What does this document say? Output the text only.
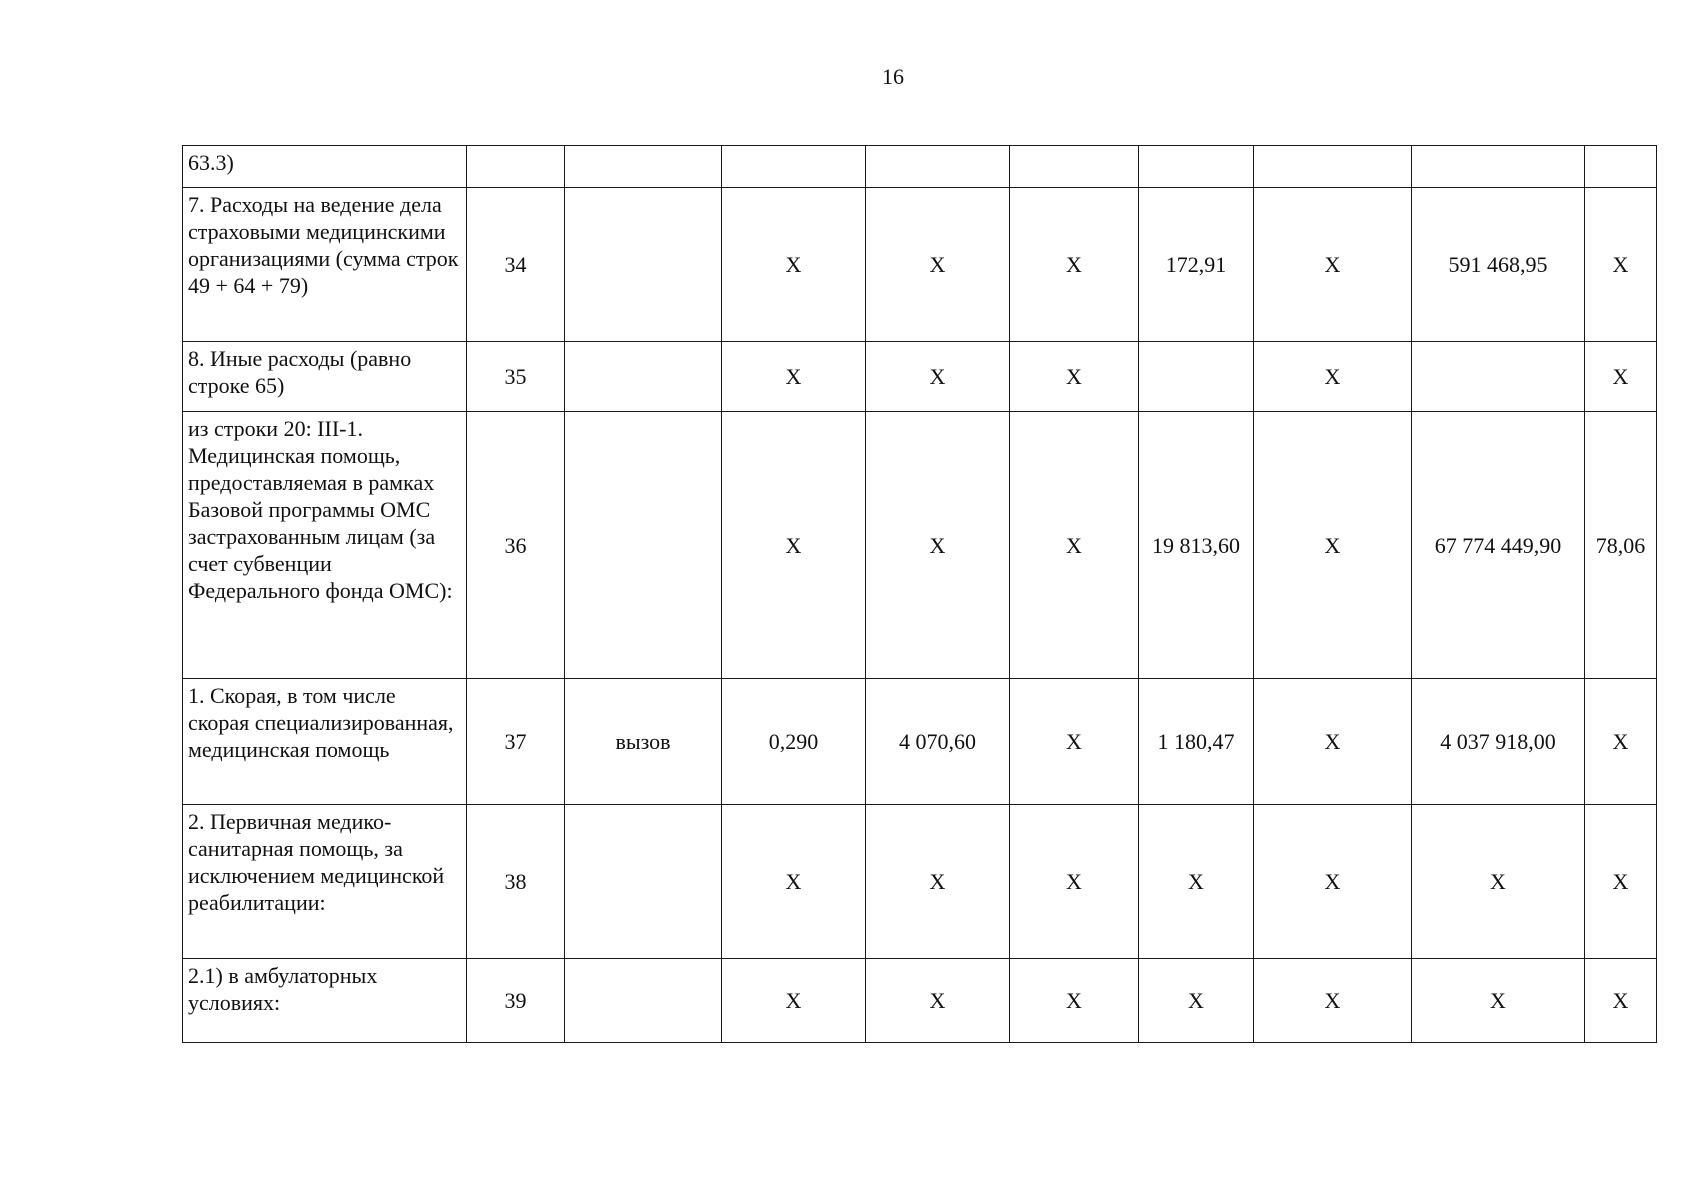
16
63.3)									
7. Расходы на ведение дела страховыми медицинскими организациями (сумма строк 49 + 64 + 79)	34		X	X	X	172,91	X	591 468,95	X
8. Иные расходы (равно строке 65)	35		X	X	X		X		X
из строки 20: III-1. Медицинская помощь, предоставляемая в рамках Базовой программы ОМС застрахованным лицам (за счет субвенции Федерального фонда ОМС):	36		X	X	X	19 813,60	X	67 774 449,90	78,06
1. Скорая, в том числе скорая специализированная, медицинская помощь	37	вызов	0,290	4 070,60	X	1 180,47	X	4 037 918,00	X
2. Первичная медико-санитарная помощь, за исключением медицинской реабилитации:	38		X	X	X	X	X	X	X
2.1) в амбулаторных условиях:	39		X	X	X	X	X	X	X
